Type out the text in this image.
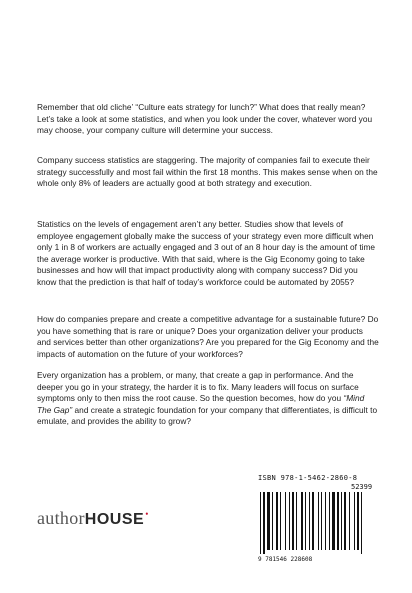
Remember that old cliche’ “Culture eats strategy for lunch?” What does that really mean? Let’s take a look at some statistics, and when you look under the cover, whatever word you may choose, your company culture will determine your success.

Company success statistics are staggering. The majority of companies fail to execute their strategy successfully and most fail within the first 18 months. This makes sense when on the whole only 8% of leaders are actually good at both strategy and execution.

Statistics on the levels of engagement aren’t any better. Studies show that levels of employee engagement globally make the success of your strategy even more difficult when only 1 in 8 of workers are actually engaged and 3 out of an 8 hour day is the amount of time the average worker is productive. With that said, where is the Gig Economy going to take businesses and how will that impact productivity along with company success? Did you know that the prediction is that half of today’s workforce could be automated by 2055?

How do companies prepare and create a competitive advantage for a sustainable future? Do you have something that is rare or unique? Does your organization deliver your products and services better than other organizations? Are you prepared for the Gig Economy and the impacts of automation on the future of your workforces?

Every organization has a problem, or many, that create a gap in performance. And the deeper you go in your strategy, the harder it is to fix. Many leaders will focus on surface symptoms only to then miss the root cause. So the question becomes, how do you “Mind The Gap” and create a strategic foundation for your company that differentiates, is difficult to emulate, and provides the ability to grow?

ISBN 978-1-5462-2860-8
52399
9 781546 228608
authorHOUSE•
